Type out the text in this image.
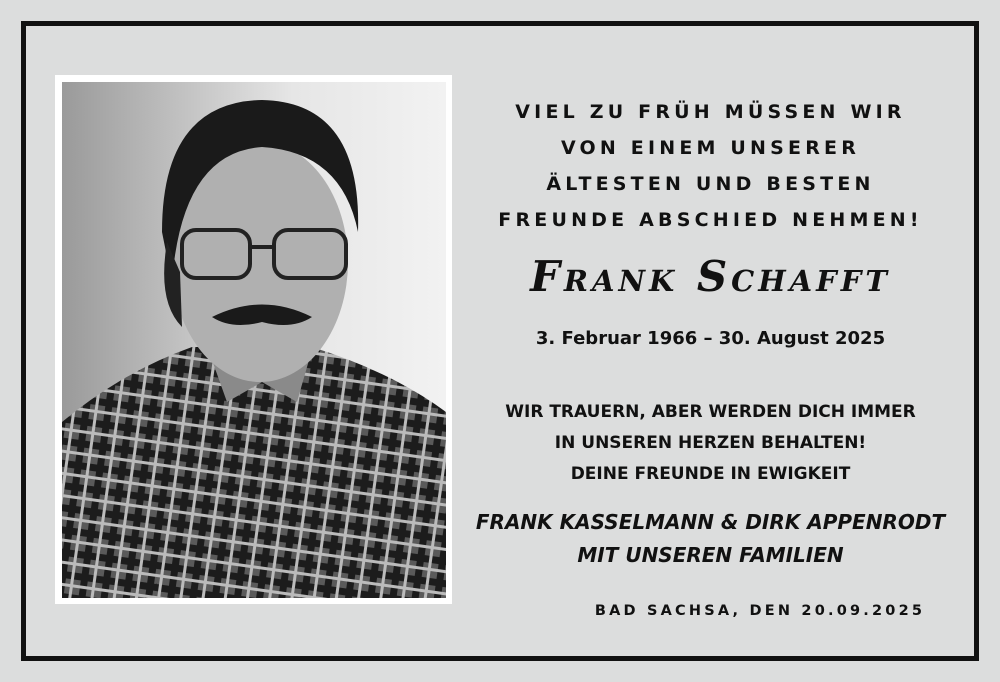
VIEL ZU FRÜH MÜSSEN WIR
VON EINEM UNSERER
ÄLTESTEN UND BESTEN
FREUNDE ABSCHIED NEHMEN!
Frank Schafft
3. Februar 1966 – 30. August 2025
WIR TRAUERN, ABER WERDEN DICH IMMER
IN UNSEREN HERZEN BEHALTEN!
DEINE FREUNDE IN EWIGKEIT
FRANK KASSELMANN & DIRK APPENRODT
MIT UNSEREN FAMILIEN
BAD SACHSA, DEN 20.09.2025
